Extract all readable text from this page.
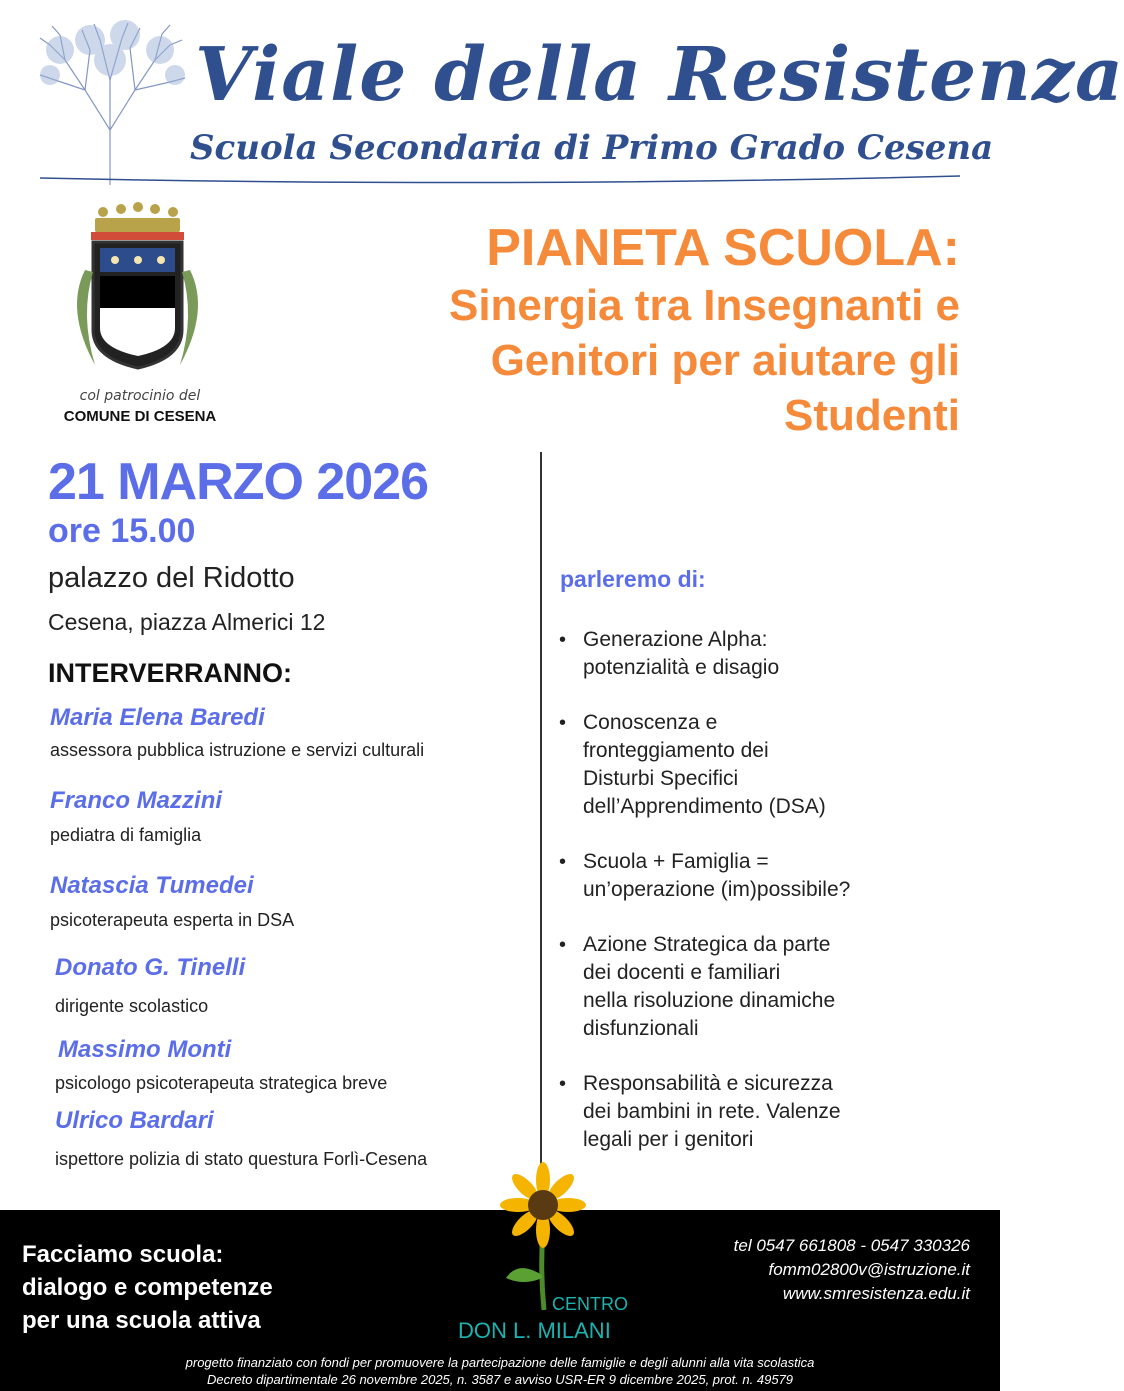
Viale della Resistenza
Scuola Secondaria di Primo Grado Cesena
col patrocinio del
COMUNE DI CESENA
PIANETA SCUOLA:
Sinergia tra Insegnanti e
Genitori per aiutare gli
Studenti
21 MARZO 2026
ore 15.00
palazzo del Ridotto
Cesena, piazza Almerici 12
INTERVERRANNO:
Maria Elena Baredi
assessora pubblica istruzione e servizi culturali
Franco Mazzini
pediatra di famiglia
Natascia Tumedei
psicoterapeuta esperta in DSA
Donato G. Tinelli
dirigente scolastico
Massimo Monti
psicologo psicoterapeuta strategica breve
Ulrico Bardari
ispettore polizia di stato questura Forlì-Cesena
parleremo di:
• Generazione Alpha:
potenzialità e disagio
• Conoscenza e
fronteggiamento dei
Disturbi Specifici
dell’Apprendimento (DSA)
• Scuola + Famiglia =
un’operazione (im)possibile?
• Azione Strategica da parte
dei docenti e familiari
nella risoluzione dinamiche
disfunzionali
• Responsabilità e sicurezza
dei bambini in rete. Valenze
legali per i genitori
Facciamo scuola:
dialogo e competenze
per una scuola attiva
tel 0547 661808 - 0547 330326
fomm02800v@istruzione.it
www.smresistenza.edu.it
CENTRO
DON L. MILANI
progetto finanziato con fondi per promuovere la partecipazione delle famiglie e degli alunni alla vita scolastica
Decreto dipartimentale 26 novembre 2025, n. 3587 e avviso USR-ER 9 dicembre 2025, prot. n. 49579
